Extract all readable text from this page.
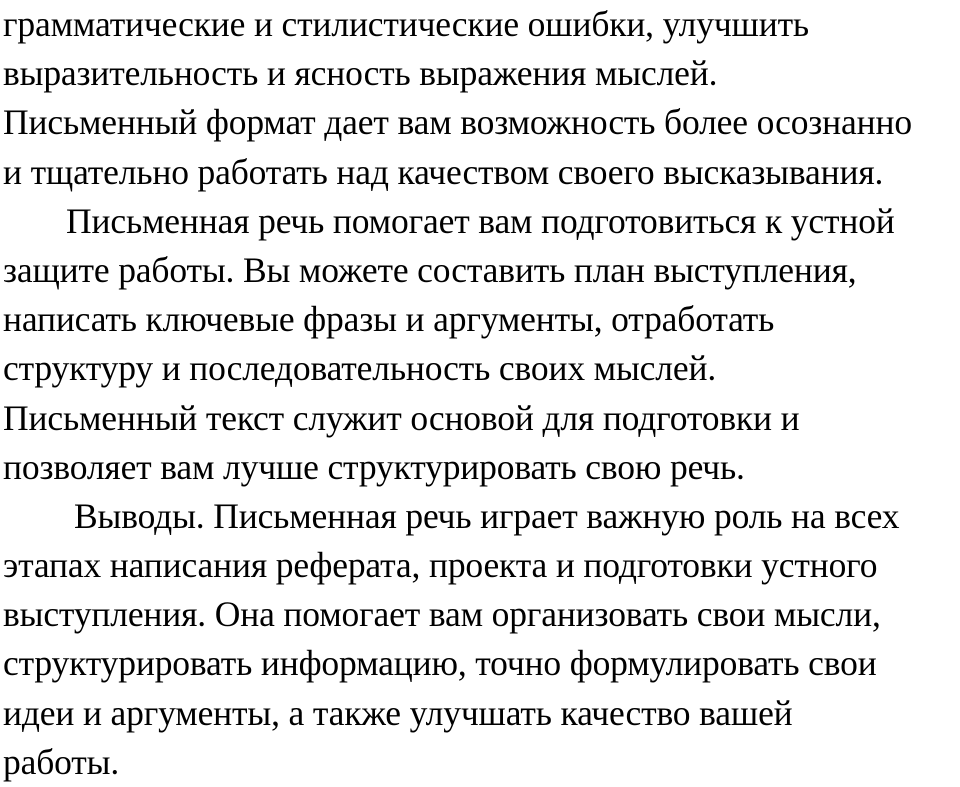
грамматические и стилистические ошибки, улучшить
выразительность и ясность выражения мыслей.
Письменный формат дает вам возможность более осознанно
и тщательно работать над качеством своего высказывания.
Письменная речь помогает вам подготовиться к устной
защите работы. Вы можете составить план выступления,
написать ключевые фразы и аргументы, отработать
структуру и последовательность своих мыслей.
Письменный текст служит основой для подготовки и
позволяет вам лучше структурировать свою речь.
Выводы. Письменная речь играет важную роль на всех
этапах написания реферата, проекта и подготовки устного
выступления. Она помогает вам организовать свои мысли,
структурировать информацию, точно формулировать свои
идеи и аргументы, а также улучшать качество вашей
работы.
